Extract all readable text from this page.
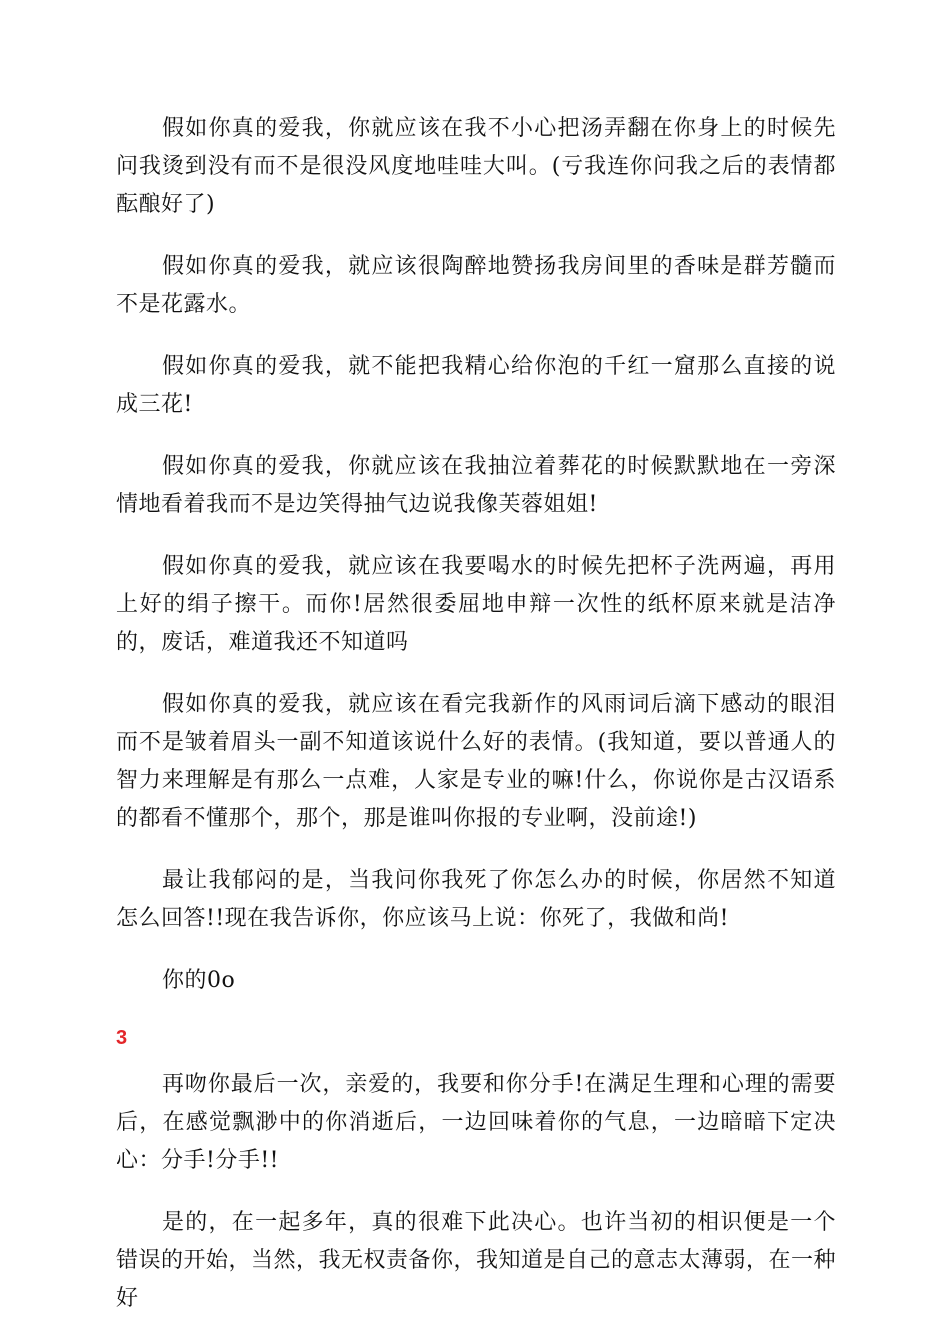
假如你真的爱我，你就应该在我不小心把汤弄翻在你身上的时候先问我烫到没有而不是很没风度地哇哇大叫。(亏我连你问我之后的表情都酝酿好了)

假如你真的爱我，就应该很陶醉地赞扬我房间里的香味是群芳髓而不是花露水。

假如你真的爱我，就不能把我精心给你泡的千红一窟那么直接的说成三花!

假如你真的爱我，你就应该在我抽泣着葬花的时候默默地在一旁深情地看着我而不是边笑得抽气边说我像芙蓉姐姐!

假如你真的爱我，就应该在我要喝水的时候先把杯子洗两遍，再用上好的绢子擦干。而你!居然很委屈地申辩一次性的纸杯原来就是洁净的，废话，难道我还不知道吗

假如你真的爱我，就应该在看完我新作的风雨词后滴下感动的眼泪而不是皱着眉头一副不知道该说什么好的表情。(我知道，要以普通人的智力来理解是有那么一点难，人家是专业的嘛!什么，你说你是古汉语系的都看不懂那个，那个，那是谁叫你报的专业啊，没前途!)

最让我郁闷的是，当我问你我死了你怎么办的时候，你居然不知道怎么回答!!现在我告诉你，你应该马上说：你死了，我做和尚!

你的0o

3

再吻你最后一次，亲爱的，我要和你分手!在满足生理和心理的需要后，在感觉飘渺中的你消逝后，一边回味着你的气息，一边暗暗下定决心：分手!分手!!

是的，在一起多年，真的很难下此决心。也许当初的相识便是一个错误的开始，当然，我无权责备你，我知道是自己的意志太薄弱，在一种好
